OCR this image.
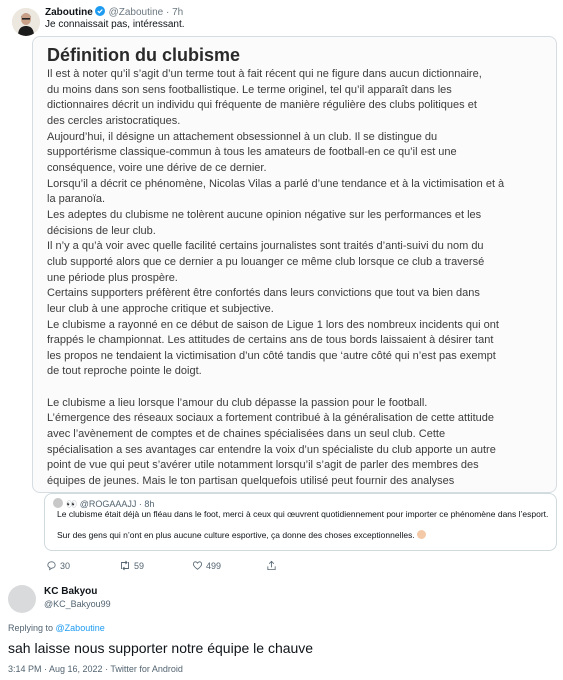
Zaboutine @Zaboutine · 7h
Je connaissait pas, intéressant.
Définition du clubisme
Il est à noter qu’il s’agit d’un terme tout à fait récent qui ne figure dans aucun dictionnaire,
du moins dans son sens footballistique. Le terme originel, tel qu’il apparaît dans les
dictionnaires décrit un individu qui fréquente de manière régulière des clubs politiques et
des cercles aristocratiques.
Aujourd’hui, il désigne un attachement obsessionnel à un club. Il se distingue du
supportérisme classique-commun à tous les amateurs de football-en ce qu’il est une
conséquence, voire une dérive de ce dernier.
Lorsqu’il a décrit ce phénomène, Nicolas Vilas a parlé d’une tendance et à la victimisation et à
la paranoïa.
Les adeptes du clubisme ne tolèrent aucune opinion négative sur les performances et les
décisions de leur club.
Il n’y a qu’à voir avec quelle facilité certains journalistes sont traités d’anti-suivi du nom du
club supporté alors que ce dernier a pu louanger ce même club lorsque ce club a traversé
une période plus prospère.
Certains supporters préfèrent être confortés dans leurs convictions que tout va bien dans
leur club à une approche critique et subjective.
Le clubisme a rayonné en ce début de saison de Ligue 1 lors des nombreux incidents qui ont
frappés le championnat. Les attitudes de certains ans de tous bords laissaient à désirer tant
les propos ne tendaient la victimisation d’un côté tandis que ‘autre côté qui n’est pas exempt
de tout reproche pointe le doigt.
Le clubisme a lieu lorsque l’amour du club dépasse la passion pour le football.
L’émergence des réseaux sociaux a fortement contribué à la généralisation de cette attitude
avec l’avènement de comptes et de chaines spécialisées dans un seul club. Cette
spécialisation a ses avantages car entendre la voix d’un spécialiste du club apporte un autre
point de vue qui peut s’avérer utile notamment lorsqu’il s’agit de parler des membres des
équipes de jeunes. Mais le ton partisan quelquefois utilisé peut fournir des analyses
👀 @ROGAAAJJ · 8h
Le clubisme était déjà un fléau dans le foot, merci à ceux qui œuvrent quotidiennement pour importer ce phénomène dans l’esport.
Sur des gens qui n’ont en plus aucune culture esportive, ça donne des choses exceptionnelles.
30	59	499
KC Bakyou
@KC_Bakyou99
Replying to @Zaboutine
sah laisse nous supporter notre équipe le chauve
3:14 PM · Aug 16, 2022 · Twitter for Android
